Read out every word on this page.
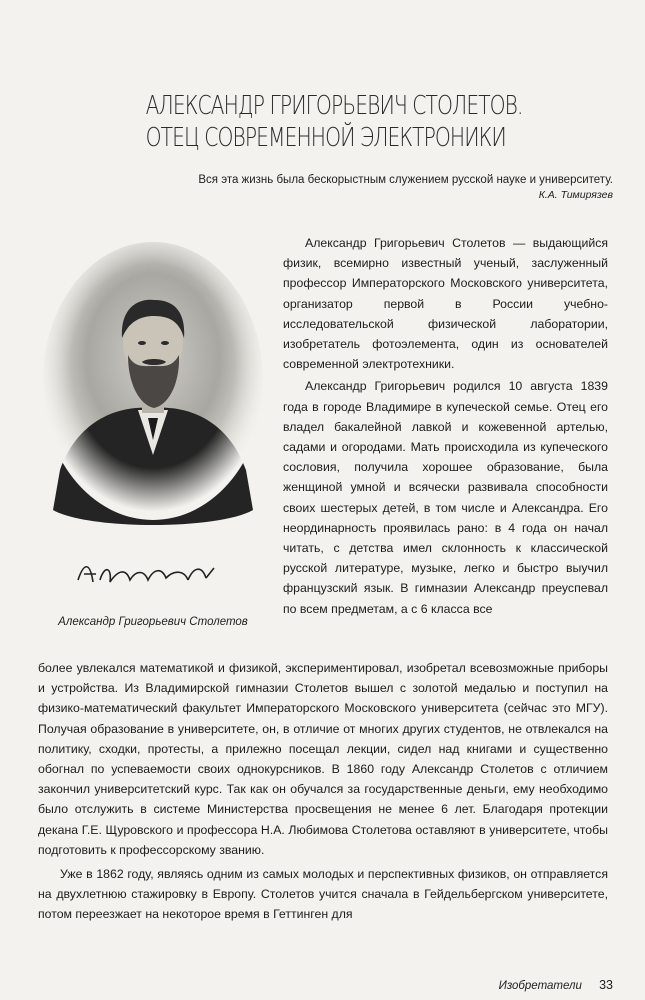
АЛЕКСАНДР ГРИГОРЬЕВИЧ СТОЛЕТОВ.
ОТЕЦ СОВРЕМЕННОЙ ЭЛЕКТРОНИКИ
Вся эта жизнь была бескорыстным служением русской науке и университету.
К.А. Тимирязев
Александр Григорьевич Столетов

Александр Григорьевич Столетов — выдающийся физик, всемирно известный ученый, заслуженный профессор Императорского Московского университета, организатор первой в России учебно-исследовательской физической лаборатории, изобретатель фотоэлемента, один из основателей современной электротехники.

Александр Григорьевич родился 10 августа 1839 года в городе Владимире в купеческой семье. Отец его владел бакалейной лавкой и кожевенной артелью, садами и огородами. Мать происходила из купеческого сословия, получила хорошее образование, была женщиной умной и всячески развивала способности своих шестерых детей, в том числе и Александра. Его неординарность проявилась рано: в 4 года он начал читать, с детства имел склонность к классической русской литературе, музыке, легко и быстро выучил французский язык. В гимназии Александр преуспевал по всем предметам, а с 6 класса все

более увлекался математикой и физикой, экспериментировал, изобретал всевозможные приборы и устройства. Из Владимирской гимназии Столетов вышел с золотой медалью и поступил на физико-математический факультет Императорского Московского университета (сейчас это МГУ). Получая образование в университете, он, в отличие от многих других студентов, не отвлекался на политику, сходки, протесты, а прилежно посещал лекции, сидел над книгами и существенно обогнал по успеваемости своих однокурсников. В 1860 году Александр Столетов с отличием закончил университетский курс. Так как он обучался за государственные деньги, ему необходимо было отслужить в системе Министерства просвещения не менее 6 лет. Благодаря протекции декана Г.Е. Щуровского и профессора Н.А. Любимова Столетова оставляют в университете, чтобы подготовить к профессорскому званию.

Уже в 1862 году, являясь одним из самых молодых и перспективных физиков, он отправляется на двухлетнюю стажировку в Европу. Столетов учится сначала в Гейдельбергском университете, потом переезжает на некоторое время в Геттинген для

Изобретатели 33
